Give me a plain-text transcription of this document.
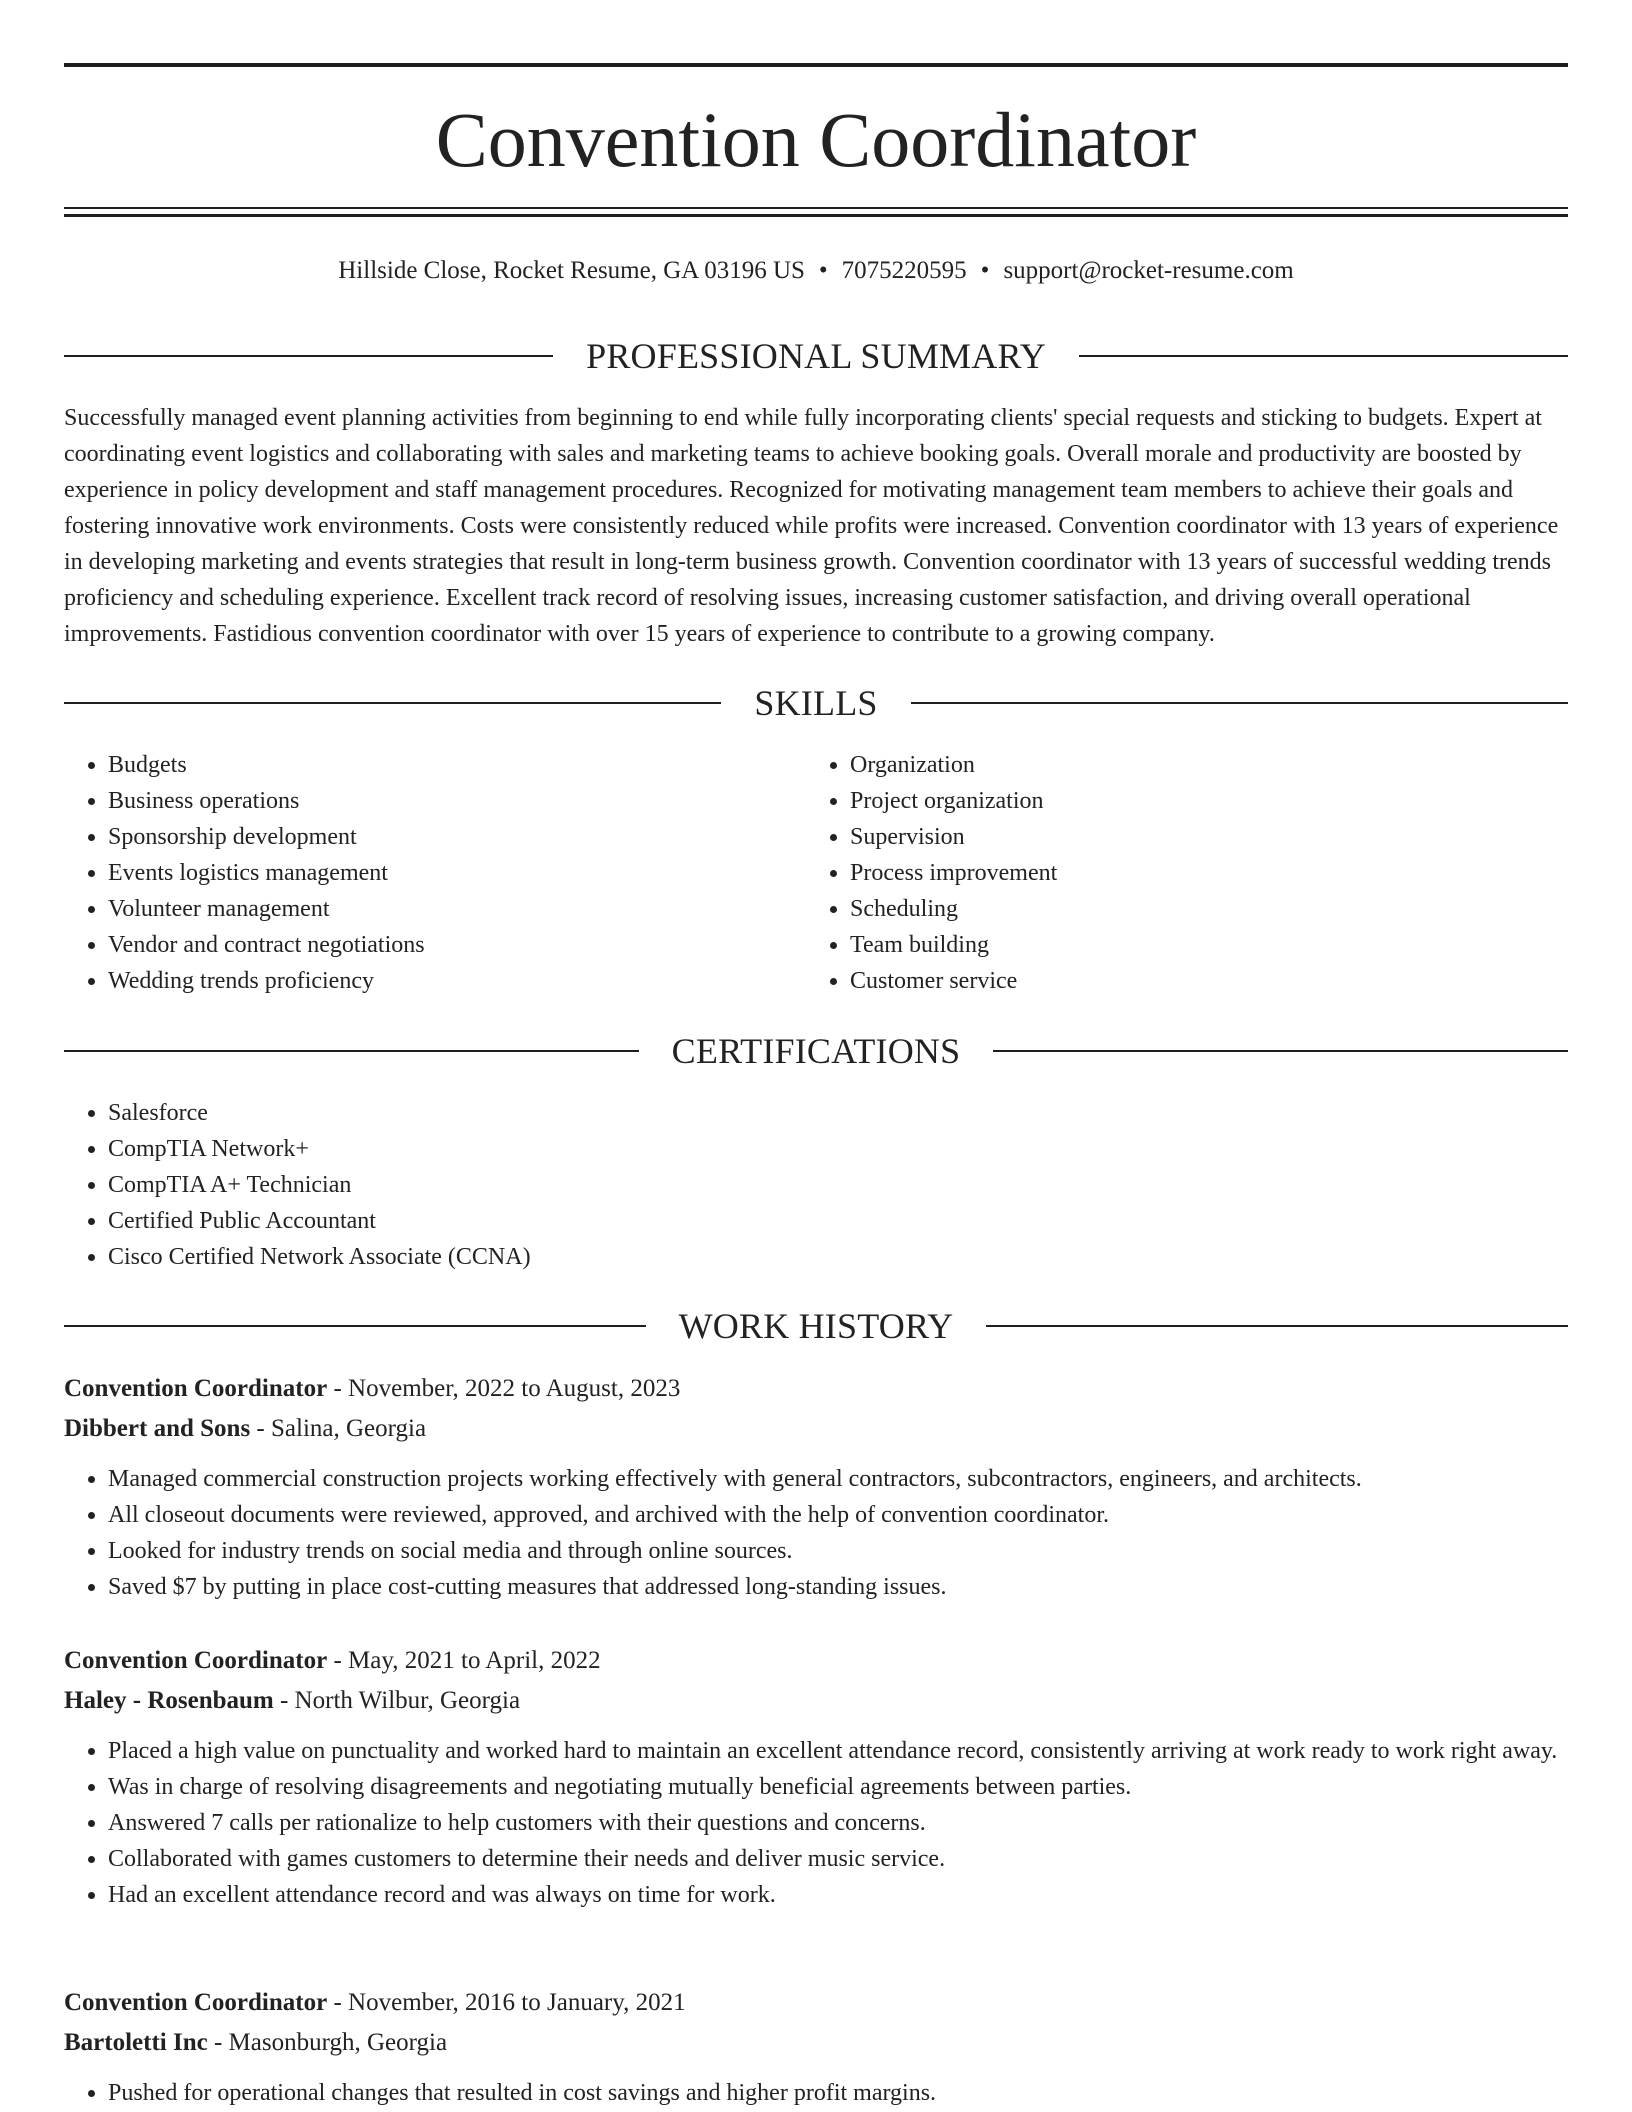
Convention Coordinator
Hillside Close, Rocket Resume, GA 03196 US • 7075220595 • support@rocket-resume.com
PROFESSIONAL SUMMARY

Successfully managed event planning activities from beginning to end while fully incorporating clients' special requests and sticking to budgets. Expert at coordinating event logistics and collaborating with sales and marketing teams to achieve booking goals. Overall morale and productivity are boosted by experience in policy development and staff management procedures. Recognized for motivating management team members to achieve their goals and fostering innovative work environments. Costs were consistently reduced while profits were increased. Convention coordinator with 13 years of experience in developing marketing and events strategies that result in long-term business growth. Convention coordinator with 13 years of successful wedding trends proficiency and scheduling experience. Excellent track record of resolving issues, increasing customer satisfaction, and driving overall operational improvements. Fastidious convention coordinator with over 15 years of experience to contribute to a growing company.

SKILLS
• Budgets
• Business operations
• Sponsorship development
• Events logistics management
• Volunteer management
• Vendor and contract negotiations
• Wedding trends proficiency
• Organization
• Project organization
• Supervision
• Process improvement
• Scheduling
• Team building
• Customer service
CERTIFICATIONS
• Salesforce
• CompTIA Network+
• CompTIA A+ Technician
• Certified Public Accountant
• Cisco Certified Network Associate (CCNA)
WORK HISTORY
Convention Coordinator - November, 2022 to August, 2023
Dibbert and Sons - Salina, Georgia
• Managed commercial construction projects working effectively with general contractors, subcontractors, engineers, and architects.
• All closeout documents were reviewed, approved, and archived with the help of convention coordinator.
• Looked for industry trends on social media and through online sources.
• Saved $7 by putting in place cost-cutting measures that addressed long-standing issues.
Convention Coordinator - May, 2021 to April, 2022
Haley - Rosenbaum - North Wilbur, Georgia
• Placed a high value on punctuality and worked hard to maintain an excellent attendance record, consistently arriving at work ready to work right away.
• Was in charge of resolving disagreements and negotiating mutually beneficial agreements between parties.
• Answered 7 calls per rationalize to help customers with their questions and concerns.
• Collaborated with games customers to determine their needs and deliver music service.
• Had an excellent attendance record and was always on time for work.
Convention Coordinator - November, 2016 to January, 2021
Bartoletti Inc - Masonburgh, Georgia
• Pushed for operational changes that resulted in cost savings and higher profit margins.
